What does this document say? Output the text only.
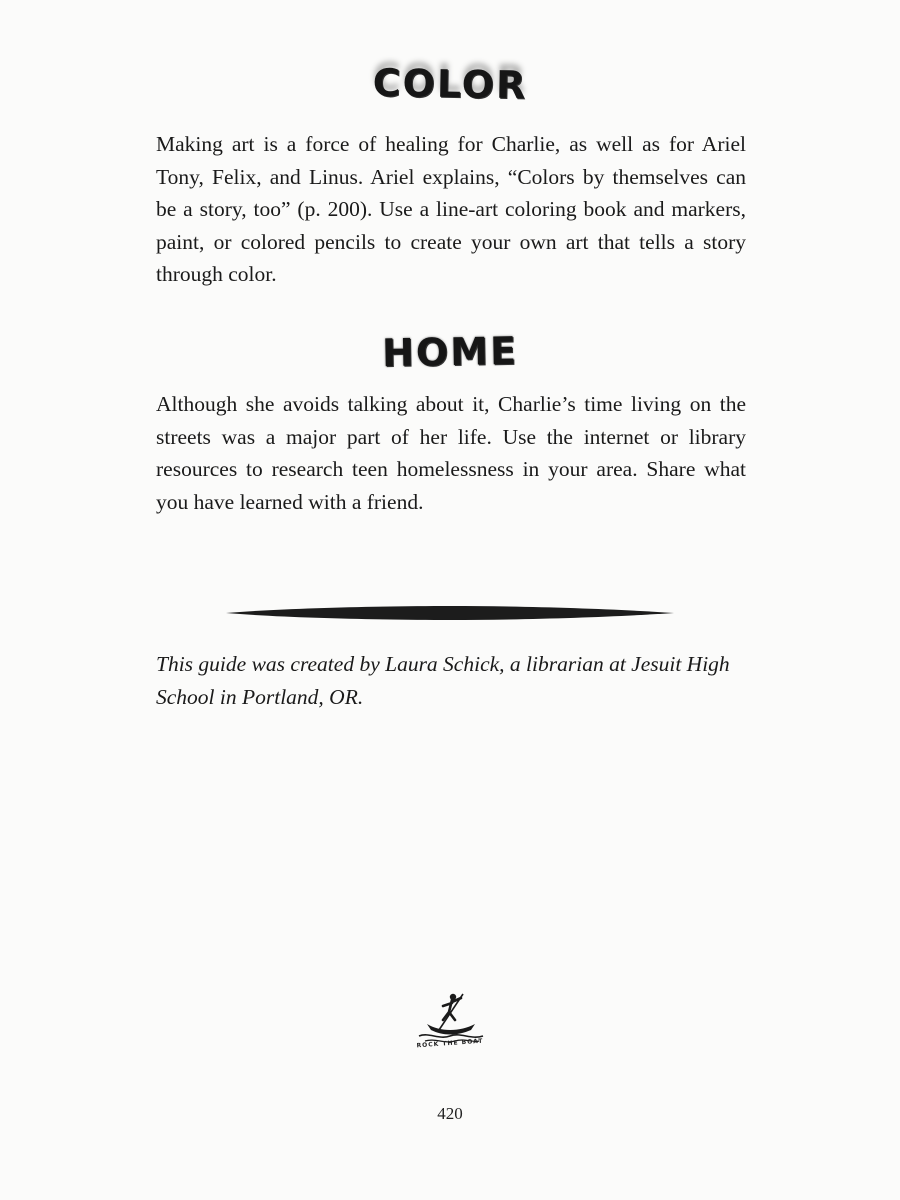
COLOR

Making art is a force of healing for Charlie, as well as for Ariel Tony, Felix, and Linus. Ariel explains, “Colors by themselves can be a story, too” (p. 200). Use a line-art coloring book and markers, paint, or colored pencils to create your own art that tells a story through color.

HOME

Although she avoids talking about it, Charlie’s time living on the streets was a major part of her life. Use the internet or library resources to research teen homelessness in your area. Share what you have learned with a friend.

This guide was created by Laura Schick, a librarian at Jesuit High School in Portland, OR.

ROCK THE BOAT
420
